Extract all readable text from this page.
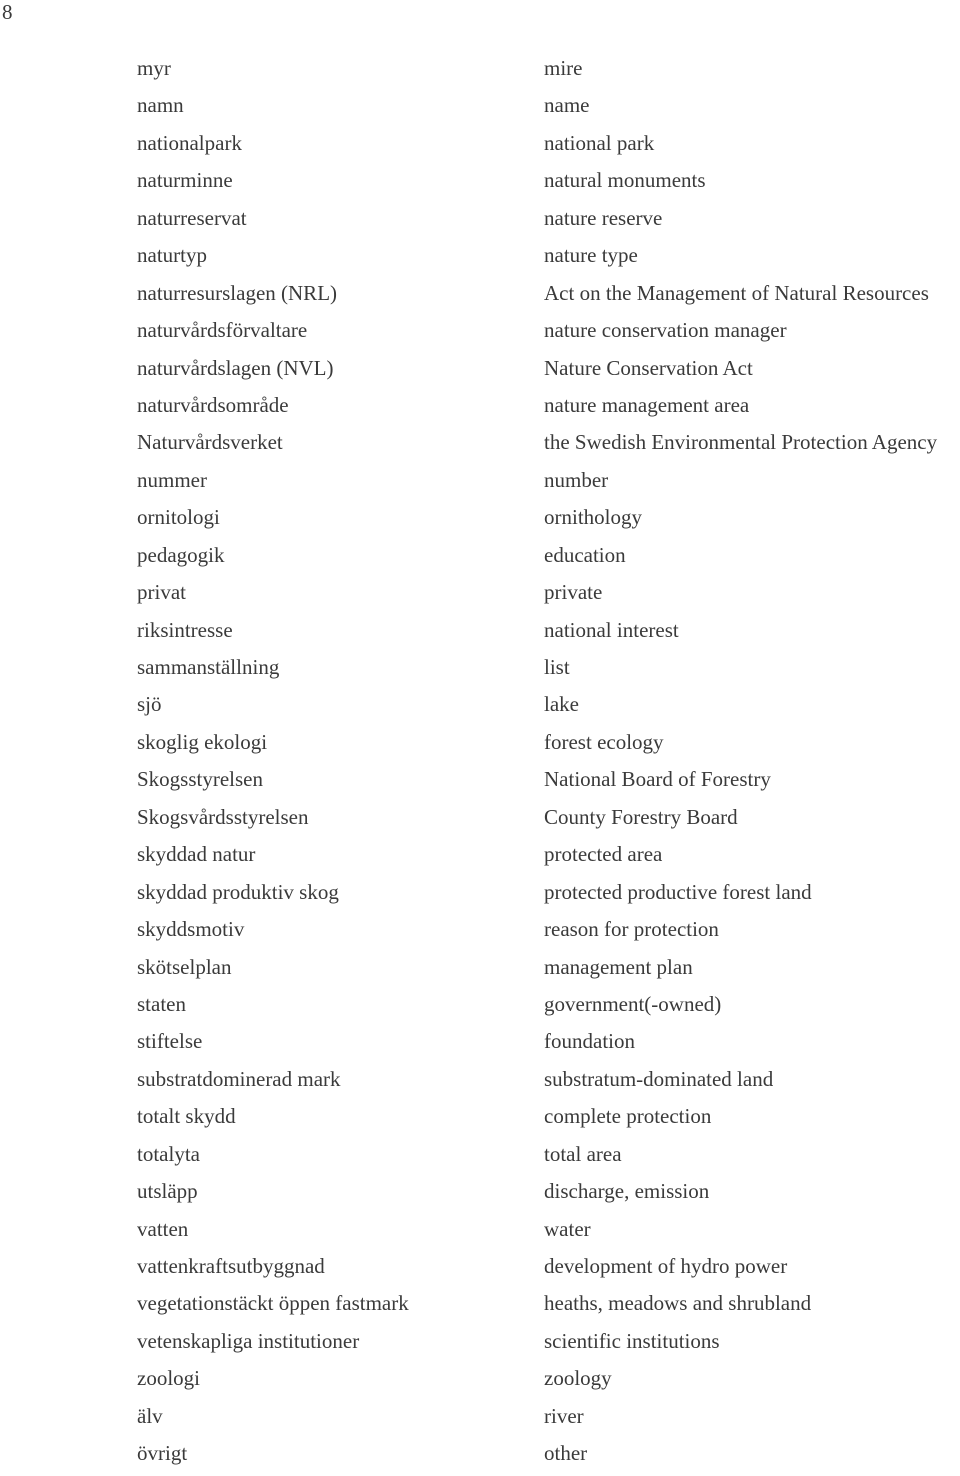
8
myr	mire
namn	name
nationalpark	national park
naturminne	natural monuments
naturreservat	nature reserve
naturtyp	nature type
naturresurslagen (NRL)	Act on the Management of Natural Resources
naturvårdsförvaltare	nature conservation manager
naturvårdslagen (NVL)	Nature Conservation Act
naturvårdsområde	nature management area
Naturvårdsverket	the Swedish Environmental Protection Agency
nummer	number
ornitologi	ornithology
pedagogik	education
privat	private
riksintresse	national interest
sammanställning	list
sjö	lake
skoglig ekologi	forest ecology
Skogsstyrelsen	National Board of Forestry
Skogsvårdsstyrelsen	County Forestry Board
skyddad natur	protected area
skyddad produktiv skog	protected productive forest land
skyddsmotiv	reason for protection
skötselplan	management plan
staten	government(-owned)
stiftelse	foundation
substratdominerad mark	substratum-dominated land
totalt skydd	complete protection
totalyta	total area
utsläpp	discharge, emission
vatten	water
vattenkraftsutbyggnad	development of hydro power
vegetationstäckt öppen fastmark	heaths, meadows and shrubland
vetenskapliga institutioner	scientific institutions
zoologi	zoology
älv	river
övrigt	other
